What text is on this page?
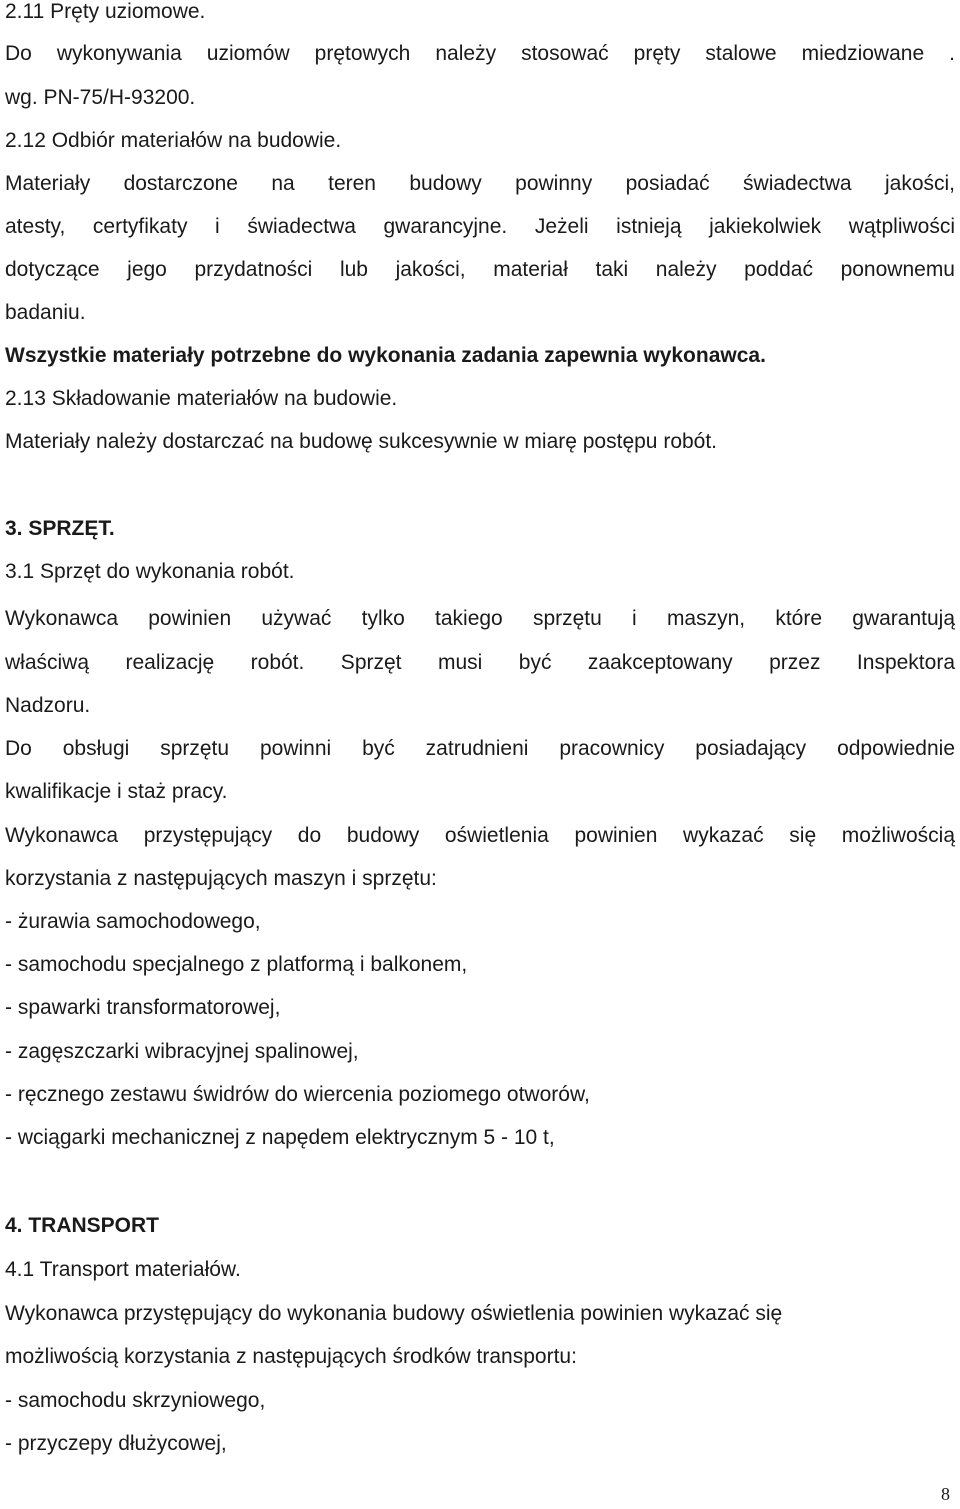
2.11 Pręty uziomowe.
Do wykonywania uziomów prętowych należy stosować pręty stalowe miedziowane .
wg. PN-75/H-93200.
2.12 Odbiór materiałów na budowie.
Materiały dostarczone na teren budowy powinny posiadać świadectwa jakości,
atesty, certyfikaty i świadectwa gwarancyjne. Jeżeli istnieją jakiekolwiek wątpliwości
dotyczące jego przydatności lub jakości, materiał taki należy poddać ponownemu
badaniu.
Wszystkie materiały potrzebne do wykonania zadania zapewnia wykonawca.
2.13 Składowanie materiałów na budowie.
Materiały należy dostarczać na budowę sukcesywnie w miarę postępu robót.
3. SPRZĘT.
3.1 Sprzęt do wykonania robót.
Wykonawca powinien używać tylko takiego sprzętu i maszyn, które gwarantują
właściwą realizację robót. Sprzęt musi być zaakceptowany przez Inspektora
Nadzoru.
Do obsługi sprzętu powinni być zatrudnieni pracownicy posiadający odpowiednie
kwalifikacje i staż pracy.
Wykonawca przystępujący do budowy oświetlenia powinien wykazać się możliwością
korzystania z następujących maszyn i sprzętu:
- żurawia samochodowego,
- samochodu specjalnego z platformą i balkonem,
- spawarki transformatorowej,
- zagęszczarki wibracyjnej spalinowej,
- ręcznego zestawu świdrów do wiercenia poziomego otworów,
- wciągarki mechanicznej z napędem elektrycznym 5 - 10 t,
4. TRANSPORT
4.1 Transport materiałów.
Wykonawca przystępujący do wykonania budowy oświetlenia powinien wykazać się
możliwością korzystania z następujących środków transportu:
- samochodu skrzyniowego,
- przyczepy dłużycowej,
8
